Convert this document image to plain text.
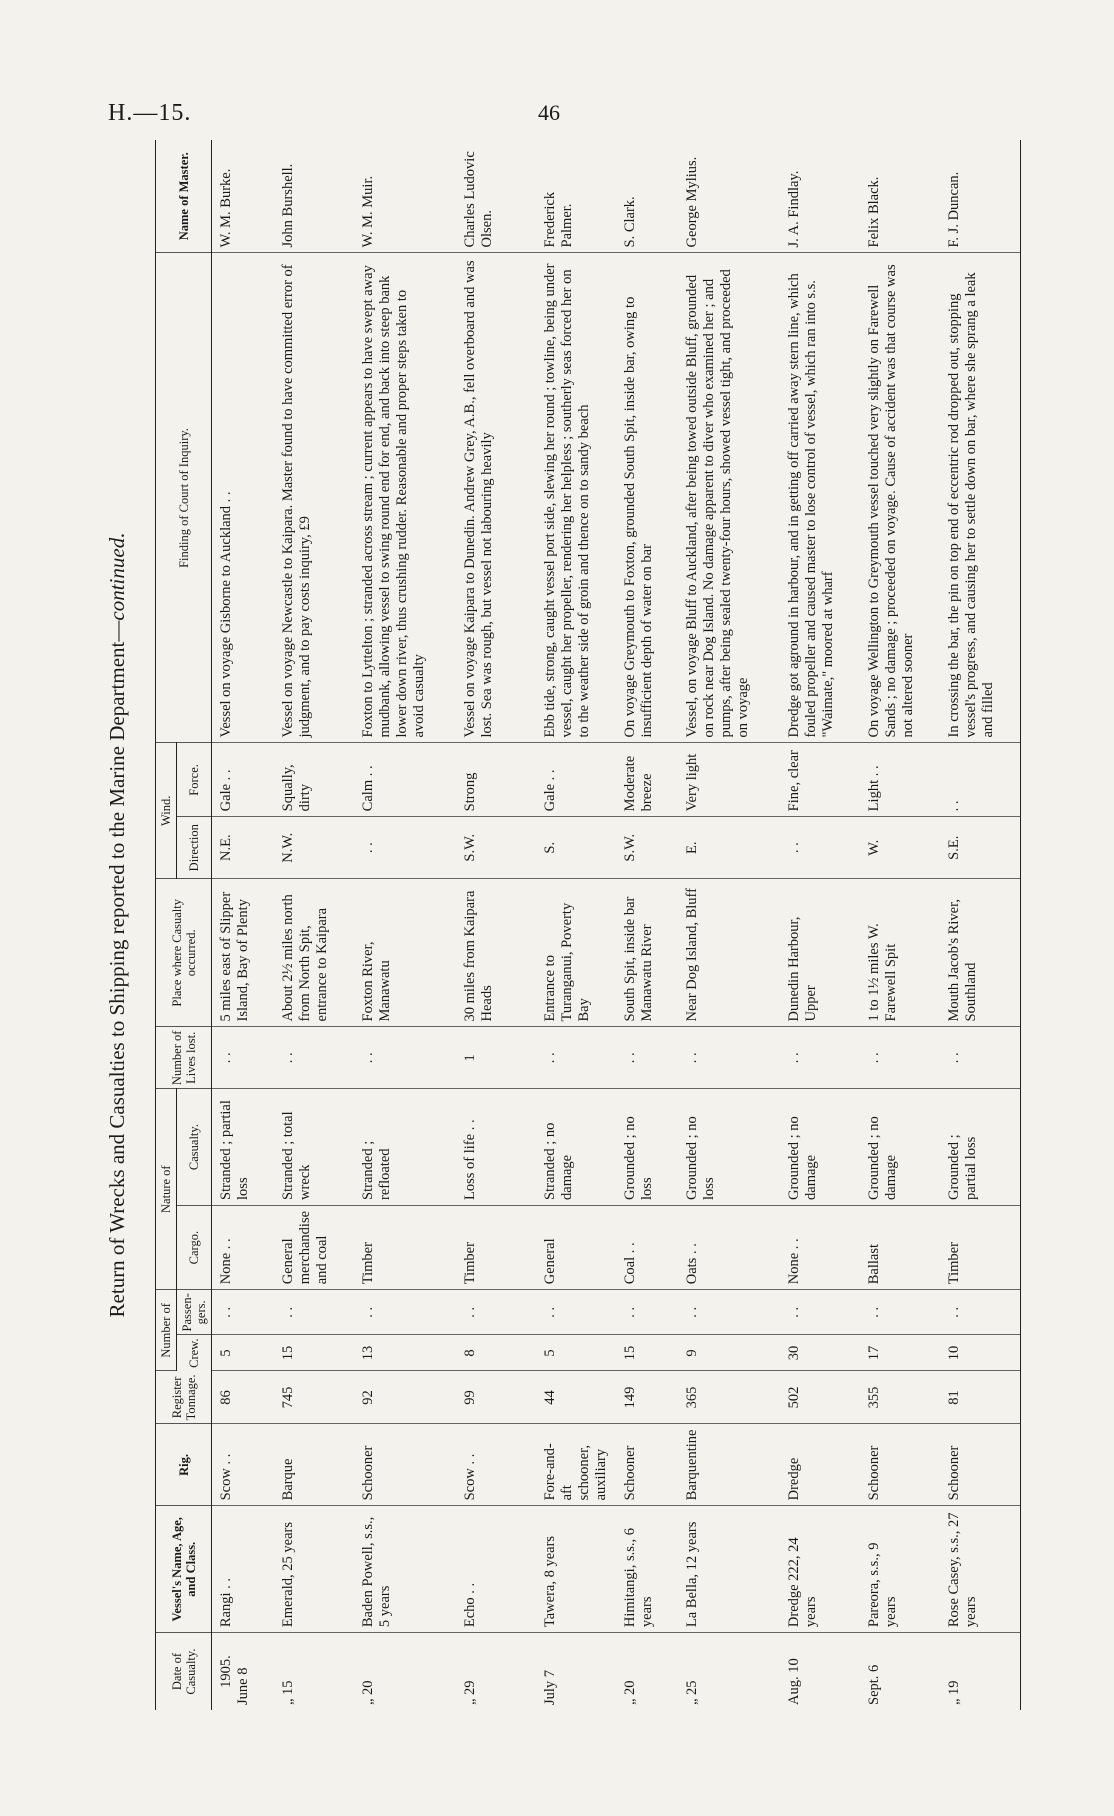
H.—15.	46
Return of Wrecks and Casualties to Shipping reported to the Marine Department—continued.
Date of Casualty.	Vessel's Name, Age, and Class.	Rig.	Register Tonnage.	Number of		Nature of		Number of Lives lost.	Place where Casualty occurred.	Wind.		Finding of Court of Inquiry.	Name of Master.
				Crew.	Passen-gers.	Cargo.	Casualty.			Direction	Force.		

1905.
June 8	Rangi . .	Scow . .	86	5	. .	None . .	Stranded ; partial loss	. .	5 miles east of Slipper Island, Bay of Plenty	N.E.	Gale . .	Vessel on voyage Gisborne to Auckland . .	W. M. Burke.
„ 15	Emerald, 25 years	Barque	745	15	. .	General merchandise and coal	Stranded ; total wreck	. .	About 2½ miles north from North Spit, entrance to Kaipara	N.W.	Squally, dirty	Vessel on voyage Newcastle to Kaipara. Master found to have committed error of judgment, and to pay costs inquiry, £9	John Burshell.
„ 20	Baden Powell, s.s., 5 years	Schooner	92	13	. .	Timber	Stranded ; refloated	. .	Foxton River, Manawatu	. .	Calm . .	Foxton to Lyttelton ; stranded across stream ; current appears to have swept away mudbank, allowing vessel to swing round end for end, and back into steep bank lower down river, thus crushing rudder. Reasonable and proper steps taken to avoid casualty	W. M. Muir.
„ 29	Echo . .	Scow . .	99	8	. .	Timber	Loss of life . .	1	30 miles from Kaipara Heads	S.W.	Strong	Vessel on voyage Kaipara to Dunedin. Andrew Grey, A.B., fell overboard and was lost. Sea was rough, but vessel not labouring heavily	Charles Ludovic Olsen.
July 7	Tawera, 8 years	Fore-and-aft schooner, auxiliary	44	5	. .	General	Stranded ; no damage	. .	Entrance to Turanganui, Poverty Bay	S.	Gale . .	Ebb tide, strong, caught vessel port side, slewing her round ; towline, being under vessel, caught her propeller, rendering her helpless ; southerly seas forced her on to the weather side of groin and thence on to sandy beach	Frederick Palmer.
„ 20	Himitangi, s.s., 6 years	Schooner	149	15	. .	Coal . .	Grounded ; no loss	. .	South Spit, inside bar Manawatu River	S.W.	Moderate breeze	On voyage Greymouth to Foxton, grounded South Spit, inside bar, owing to insufficient depth of water on bar	S. Clark.
„ 25	La Bella, 12 years	Barquentine	365	9	. .	Oats . .	Grounded ; no loss	. .	Near Dog Island, Bluff	E.	Very light	Vessel, on voyage Bluff to Auckland, after being towed outside Bluff, grounded on rock near Dog Island. No damage apparent to diver who examined her ; and pumps, after being sealed twenty-four hours, showed vessel tight, and proceeded on voyage	George Mylius.
Aug. 10	Dredge 222, 24 years	Dredge	502	30	. .	None . .	Grounded ; no damage	. .	Dunedin Harbour, Upper	. .	Fine, clear	Dredge got aground in harbour, and in getting off carried away stern line, which fouled propeller and caused master to lose control of vessel, which ran into s.s. "Waimate," moored at wharf	J. A. Findlay.
Sept. 6	Pareora, s.s., 9 years	Schooner	355	17	. .	Ballast	Grounded ; no damage	. .	1 to 1½ miles W. Farewell Spit	W.	Light . .	On voyage Wellington to Greymouth vessel touched very slightly on Farewell Sands ; no damage ; proceeded on voyage. Cause of accident was that course was not altered sooner	Felix Black.
„ 19	Rose Casey, s.s., 27 years	Schooner	81	10	. .	Timber	Grounded ; partial loss	. .	Mouth Jacob's River, Southland	S.E.	. .	In crossing the bar, the pin on top end of eccentric rod dropped out, stopping vessel's progress, and causing her to settle down on bar, where she sprang a leak and filled	F. J. Duncan.
